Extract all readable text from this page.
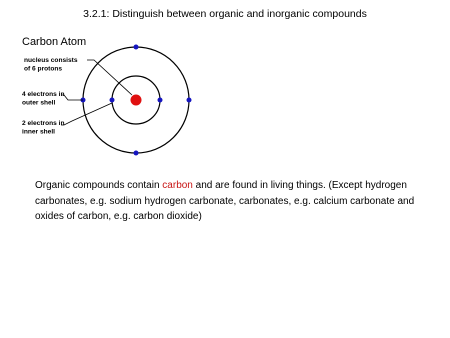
3.2.1: Distinguish between organic and inorganic compounds
Carbon Atom
nucleus consists of 6 protons
4 electrons in outer shell
2 electrons in inner shell
Organic compounds contain carbon and are found in living things. (Except hydrogen carbonates, e.g. sodium hydrogen carbonate, carbonates, e.g. calcium carbonate and oxides of carbon, e.g. carbon dioxide)
